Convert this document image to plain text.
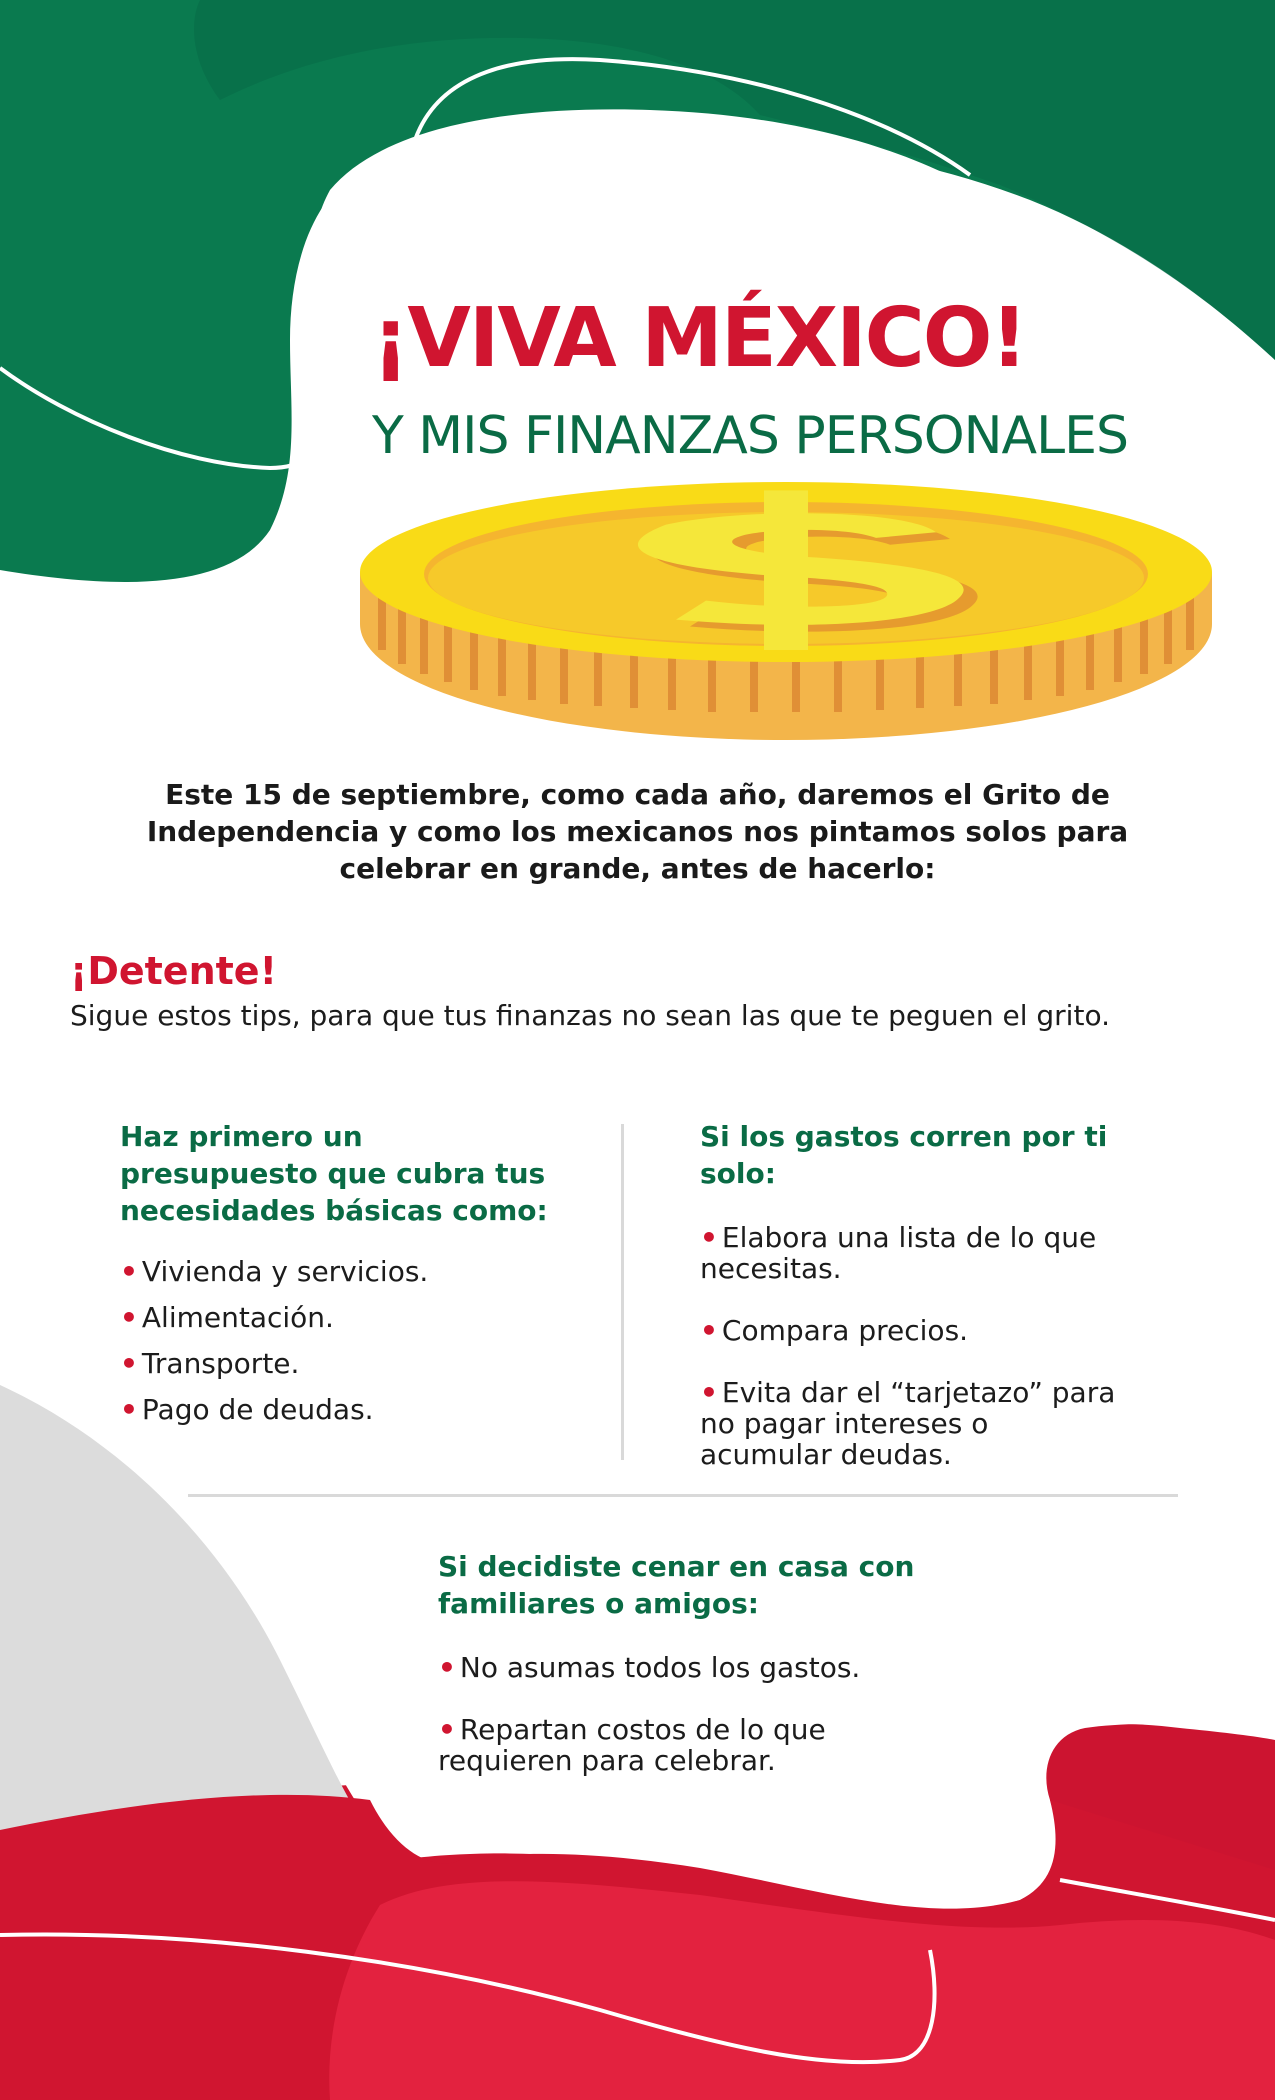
¡VIVA MÉXICO!
Y MIS FINANZAS PERSONALES

Este 15 de septiembre, como cada año, daremos el Grito de
Independencia y como los mexicanos nos pintamos solos para
celebrar en grande, antes de hacerlo:

¡Detente!
Sigue estos tips, para que tus finanzas no sean las que te peguen el grito.
Haz primero un
presupuesto que cubra tus
necesidades básicas como:
• Vivienda y servicios.
• Alimentación.
• Transporte.
• Pago de deudas.
Si los gastos corren por ti solo:
• Elabora una lista de lo que
necesitas.
• Compara precios.
• Evita dar el “tarjetazo” para
no pagar intereses o
acumular deudas.
Si decidiste cenar en casa con
familiares o amigos:
• No asumas todos los gastos.
• Repartan costos de lo que
requieren para celebrar.
